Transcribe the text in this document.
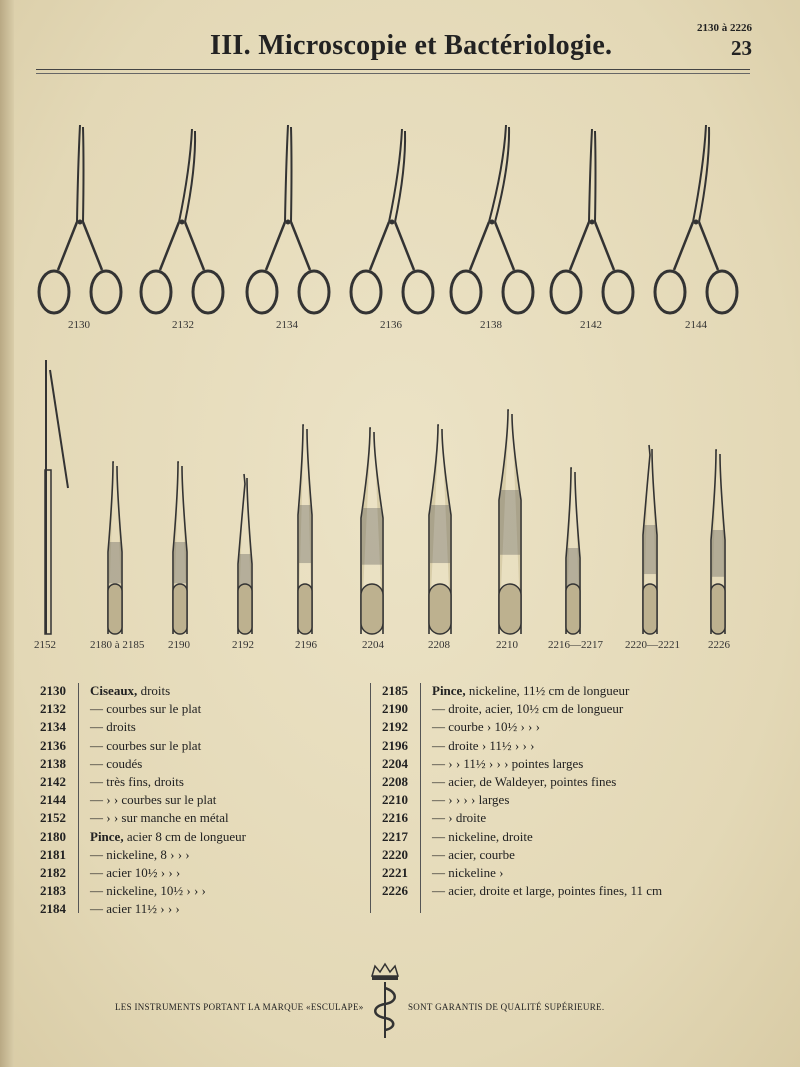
2130 à 2226
23
III. Microscopie et Bactériologie.
2130	2132	2134	2136	2138	2142	2144
2152	2180 à 2185 2190	2192	2196	2204	2208	2210	2216—2217 2220—2221	2226
2130 Ciseaux, droits
2132 — courbes sur le plat
2134 — droits
2136 — courbes sur le plat
2138 — coudés
2142 — très fins, droits
2144 — › › courbes sur le plat
2152 — › › sur manche en métal
2180 Pince, acier 8 cm de longueur
2181 — nickeline, 8 › › ›
2182 — acier 10½ › › ›
2183 — nickeline, 10½ › › ›
2184 — acier 11½ › › ›
2185 Pince, nickeline, 11½ cm de longueur
2190 — droite, acier, 10½ cm de longueur
2192 — courbe › 10½ › › ›
2196 — droite › 11½ › › ›
2204 — › › 11½ › › › pointes larges
2208 — acier, de Waldeyer, pointes fines
2210 — › › › › larges
2216 — › droite
2217 — nickeline, droite
2220 — acier, courbe
2221 — nickeline ›
2226 — acier, droite et large, pointes fines, 11 cm
LES INSTRUMENTS PORTANT LA MARQUE «ESCULAPE»	SONT GARANTIS DE QUALITÉ SUPÉRIEURE.
